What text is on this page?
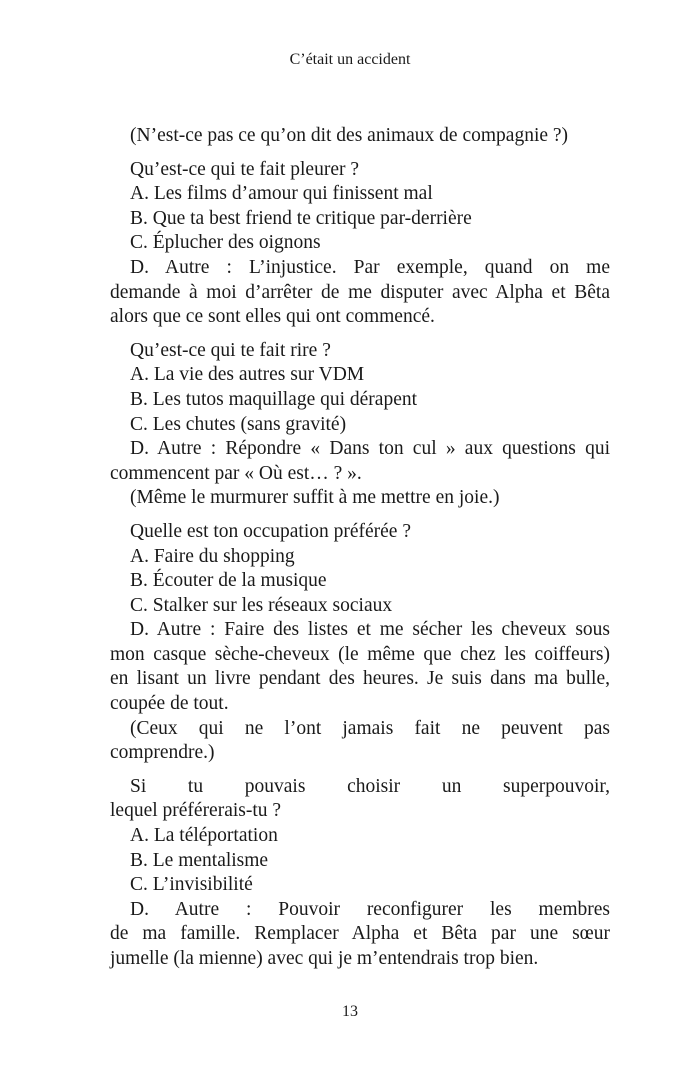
C’était un accident
(N’est-ce pas ce qu’on dit des animaux de compagnie ?)
Qu’est-ce qui te fait pleurer ?
A. Les films d’amour qui finissent mal
B. Que ta best friend te critique par-derrière
C. Éplucher des oignons
D. Autre : L’injustice. Par exemple, quand on me
demande à moi d’arrêter de me disputer avec Alpha et Bêta
alors que ce sont elles qui ont commencé.
Qu’est-ce qui te fait rire ?
A. La vie des autres sur VDM
B. Les tutos maquillage qui dérapent
C. Les chutes (sans gravité)
D. Autre : Répondre « Dans ton cul » aux questions qui
commencent par « Où est… ? ».
(Même le murmurer suffit à me mettre en joie.)
Quelle est ton occupation préférée ?
A. Faire du shopping
B. Écouter de la musique
C. Stalker sur les réseaux sociaux
D. Autre : Faire des listes et me sécher les cheveux sous
mon casque sèche-cheveux (le même que chez les coiffeurs)
en lisant un livre pendant des heures. Je suis dans ma bulle,
coupée de tout.
(Ceux qui ne l’ont jamais fait ne peuvent pas
comprendre.)
Si tu pouvais choisir un superpouvoir,
lequel préférerais-tu ?
A. La téléportation
B. Le mentalisme
C. L’invisibilité
D. Autre : Pouvoir reconfigurer les membres
de ma famille. Remplacer Alpha et Bêta par une sœur
jumelle (la mienne) avec qui je m’entendrais trop bien.
13
